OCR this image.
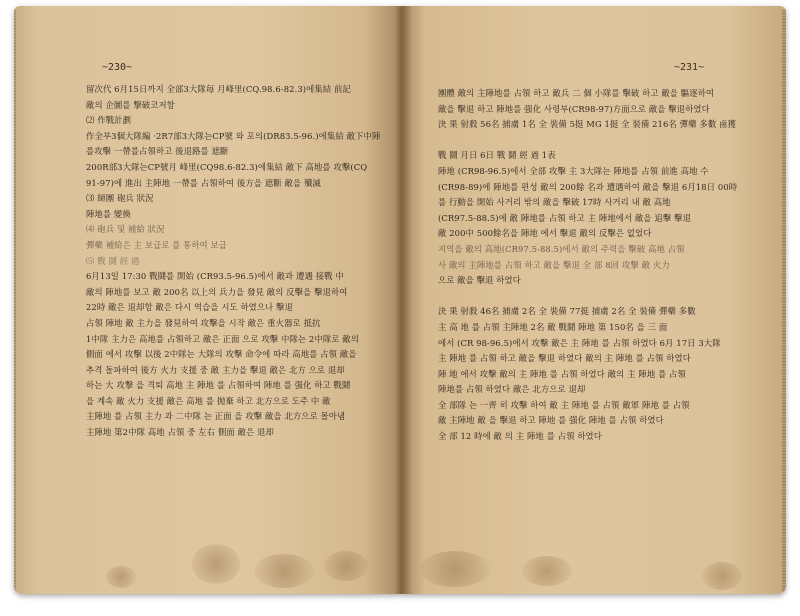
~230~
留次代 6月15日까지 全部3大隊毎 月峰里(CQ.98.6-82.3)에集結 前記
敵의 企圖를 撃破코저함
⑵ 作戰計劃
作全부3個大隊編 ·2R7部3大隊는CP號 와 포의(DR83.5-96.)에集結 敵下中陣
를攻擊 一帶를占領하고 後退路를 遮斷
200R部3大隊는CP號月 峰里(CQ98.6-82.3)에集結 敵下 高地를 攻擊(CQ
91-97)에 進出 主陣地 一帶를 占領하여 後方을 遮斷 敵을 殲滅
⑶ 師團 砲兵 狀況
陣地를 變換
⑷ 砲兵 및 補給 狀況
彈藥 補給은 主 보급로 를 통하여 보급
⑸ 戰 鬪 經 過
6月13일 17:30 戰鬪를 開始 (CR93.5-96.5)에서 敵과 遭遇 接戰 中
敵의 陣地를 보고 敵 200名 以上의 兵力을 發見 敵의 反擊을 擊退하여
22時 敵은 退却함 敵은 다시 역습을 시도 하였으나 擊退
占領 陣地 敵 主力을 發見하여 攻擊을 시작 敵은 重火器로 抵抗
1中隊 主力은 高地를 占領하고 敵은 正面 으로 攻擊 中隊는 2中隊로 敵의
側面 에서 攻擊 以後 2中隊는 大隊의 攻擊 命令에 따라 高地를 占領 敵을
추격 돌파하여 後方 火力 支援 중 敵 主力을 擊退 敵은 北方 으로 退却
하는 大 攻撃 을 격퇴 高地 主 陣地 를 占領하여 陣地 를 强化 하고 戰鬪
을 계속 敵 火力 支援 敵은 高地 를 抛棄 하고 北方으로 도주 中 敵
主陣地 를 占領 主力 과 二中隊 는 正面 을 攻擊 敵을 北方으로 몰아냄
主陣地 第2中隊 高地 占領 중 左右 側面 敵은 退却
~231~
團體 敵의 主陣地를 占領 하고 敵兵 二 個 小隊를 擊破 하고 敵을 驅逐하여
敵을 擊退 하고 陣地를 强化 사령부(CR98-97)方面으로 敵을 擊退하였다
決 果 射殺 56名 捕虜 1名 全 裝備 5挺 MG 1挺 全 裝備 216名 彈藥 多數 鹵獲
戰 鬪 月日 6日 戰 鬪 經 過 1表
陣地 (CR98-96.5)에서 全部 攻擊 主 3大隊는 陣地를 占領 前進 高地 수
(CR98-89)에 陣地를 편성 敵의 200餘 名과 遭遇하여 敵을 擊退 6月18日 00時
를 行動을 開始 사거리 밖의 敵을 擊破 17時 사거리 내 敵 高地
(CR97.5-88.5)에 敵 陣地를 占領 하고 主 陣地에서 敵을 追擊 擊退
敵 200中 500餘名을 陣地 에서 擊退 敵의 反擊은 없었다
지역을 敵의 高地(CR97.5-88.5)에서 敵의 주력을 擊破 高地 占領
사 敵의 主陣地를 占領 하고 敵을 擊退 全 部 8回 攻撃 敵 火力
으로 敵을 擊退 하였다
決 果 射殺 46名 捕虜 2名 全 裝備 77挺 捕虜 2名 全 裝備 彈藥 多數
主 高 地 를 占領 主陣地 2名 敵 戰鬪 陣地 第 150名 을 三 面
에서 (CR 98-96.5)에서 攻擊 敵은 主 陣地 를 占領 하였다 6月 17日 3大隊
主 陣地 를 占領 하고 敵을 擊退 하였다 敵의 主 陣地 를 占領 하였다
陣 地 에서 攻擊 敵의 主 陣地 를 占領 하였다 敵의 主 陣地 를 占領
陣地를 占領 하였다 敵은 北方으로 退却
全 部隊 는 一齊 히 攻擊 하여 敵 主 陣地 를 占領 敵軍 陣地 를 占領
敵 主陣地 敵 을 擊退 하고 陣地 를 强化 陣地 를 占領 하였다
全 部 12 時에 敵 의 主 陣地 를 占領 하였다
